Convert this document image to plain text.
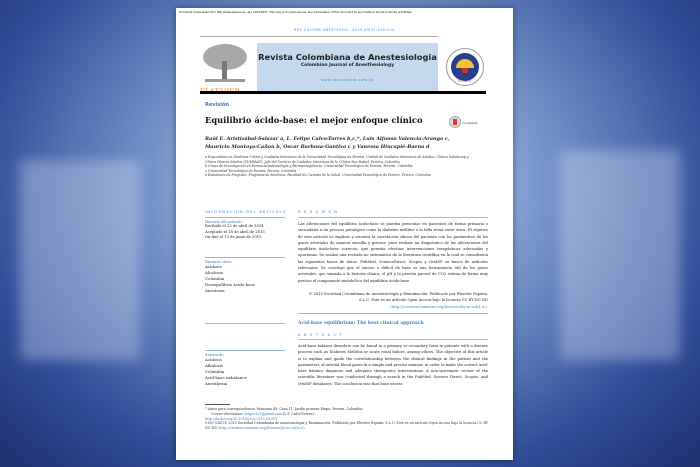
Document downloaded from http://www.elsevier.es, day 14/07/2017. This copy is for personal use. Any transmission of this document by any media or format is strictly prohibited.
REV COLOMB ANESTESIOL. 2015;43(3):219-224
Revista Colombiana de Anestesiologia
Colombian Journal of Anesthesiology
www.revcolanest.com.co	S.C.A.R.E.
Revisión
Equilibrio ácido-base: el mejor enfoque clínico	CrossMark
Raúl E. Aristizábal-Salazar a, L. Felipe Calvo-Torres b,c,*, Luis Alfonso Valencia-Arango c,
Mauricio Montoya-Cañon b, Oscar Barbosa-Gantiva c y Vanessa Hincapié-Baena d
a Especialista en Medicina Crítica y Cuidados Intensivos de la Universidad Tecnológica de Pereira, Unidad de Cuidados Intensivos de Adultos, Clínica Saludcoop y Clínica Pinares Médica (SUMMAN), Jefe del Servicio de Cuidados Intensivos de la Clínica San Rafael, Pereira, Colombia
b Grupo de Investigación en Farmacoepidemiología y Farmacovigilancia, Universidad Tecnológica de Pereira, Pereira, Colombia
c Universidad Tecnológica de Pereira, Pereira, Colombia
d Estudiante de Pregrado, Programa de Medicina, Facultad de Ciencias de la Salud, Universidad Tecnológica de Pereira, Pereira, Colombia
INFORMACIÓN DEL ARTÍCULO
Historia del artículo:
Recibido el 22 de abril de 2014
Aceptado el 18 de abril de 2015
On-line el 13 de junio de 2015
Palabras clave:
Acidosis
Alcalosis
Colombia
Desequilibrio ácido-base
Anestesia
Keywords:
Acidosis
Alkalosis
Colombia
Acid-base imbalance
Anesthesia
R E S U M E N
Las alteraciones del equilibrio ácido-base se pueden presentar en pacientes de forma primaria o secundaria a un proceso patológico como la diabetes mellitus o la falla renal entre otros. El objetivo de este artículo es explicar y orientar la correlación clínica del paciente con los parámetros de los gases arteriales de manera sencilla y precisa, para realizar un diagnóstico de las alteraciones del equilibrio ácido-base correcto, que permita efectuar intervenciones terapéuticas adecuadas y oportunas. Se realizó una revisión no sistemática de la literatura científica en la cual se consultaron las siguientes bases de datos: PubMed, ScienceDirect, Scopus y OvidSP en busca de artículos relevantes. Se concluyó que el exceso o déficit de base es una herramienta útil de los gases arteriales, que sumada a la historia clínica, el pH y la presión parcial de CO2 estima de forma muy precisa el componente metabólico del equilibrio ácido-base.
© 2015 Sociedad Colombiana de Anestesiología y Reanimación. Publicado por Elsevier España, S.L.U. Este es un artículo Open Access bajo la licencia CC BY-NC-ND (http://creativecommons.org/licenses/by-nc-nd/4.0/).
Acid-base equilibrium: The best clinical approach
A B S T R A C T
Acid-base balance disorders can be found in a primary or secondary form in patients with a disease process such as Diabetes Mellitus or acute renal failure, among others. The objective of this article is to explain and guide the correlationship between the clinical findings in the patient and the parameters of arterial blood gases in a simple and precise manner, in order to make the correct acid-base balance diagnosis and adequate therapeutic interventions. A non-systematic review of the scientific literature was conducted through a search in the PubMed, Science Direct, Scopus, and OvidSP databases. The conclusion was that base excess
* Autor para correspondencia. Manzana 49, Casa 11, Jardín primera Etapa, Pereira, Colombia.
Correo electrónico: felipect27@gmail.com (L.F. Calvo-Torres).
http://dx.doi.org/10.1016/j.rca.2015.04.001
0120-3347/© 2015 Sociedad Colombiana de Anestesiología y Reanimación. Publicado por Elsevier España, S.L.U. Este es un artículo Open Access bajo la licencia CC BY-NC-ND (http://creativecommons.org/licenses/by-nc-nd/4.0/).
